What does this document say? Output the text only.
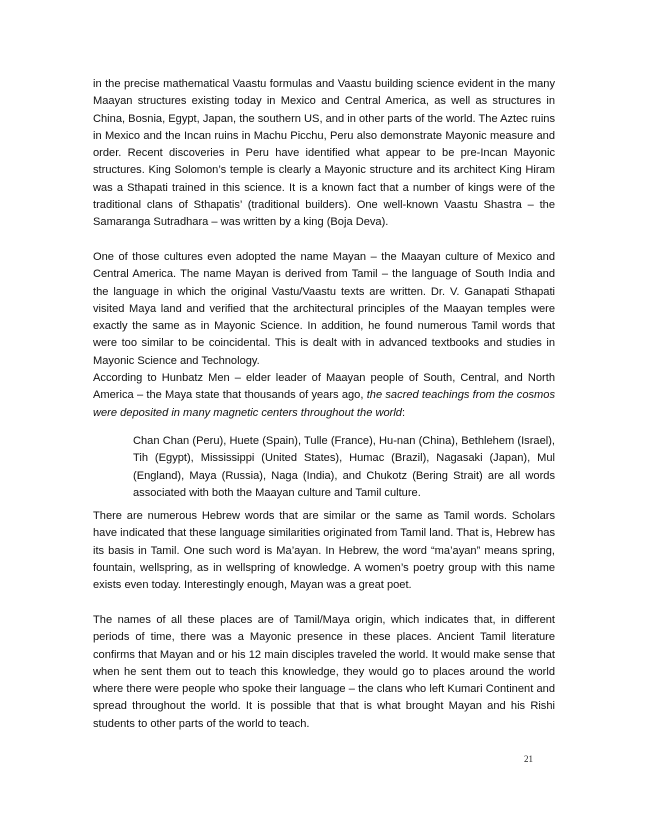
in the precise mathematical Vaastu formulas and Vaastu building science evident in the many Maayan structures existing today in Mexico and Central America, as well as structures in China, Bosnia, Egypt, Japan, the southern US, and in other parts of the world. The Aztec ruins in Mexico and the Incan ruins in Machu Picchu, Peru also demonstrate Mayonic measure and order. Recent discoveries in Peru have identified what appear to be pre-Incan Mayonic structures. King Solomon’s temple is clearly a Mayonic structure and its architect King Hiram was a Sthapati trained in this science. It is a known fact that a number of kings were of the traditional clans of Sthapatis’ (traditional builders). One well-known Vaastu Shastra – the Samaranga Sutradhara – was written by a king (Boja Deva).

One of those cultures even adopted the name Mayan – the Maayan culture of Mexico and Central America. The name Mayan is derived from Tamil – the language of South India and the language in which the original Vastu/Vaastu texts are written. Dr. V. Ganapati Sthapati visited Maya land and verified that the architectural principles of the Maayan temples were exactly the same as in Mayonic Science. In addition, he found numerous Tamil words that were too similar to be coincidental. This is dealt with in advanced textbooks and studies in Mayonic Science and Technology.

According to Hunbatz Men – elder leader of Maayan people of South, Central, and North America – the Maya state that thousands of years ago, the sacred teachings from the cosmos were deposited in many magnetic centers throughout the world:

Chan Chan (Peru), Huete (Spain), Tulle (France), Hu-nan (China), Bethlehem (Israel), Tih (Egypt), Mississippi (United States), Humac (Brazil), Nagasaki (Japan), Mul (England), Maya (Russia), Naga (India), and Chukotz (Bering Strait) are all words associated with both the Maayan culture and Tamil culture.

There are numerous Hebrew words that are similar or the same as Tamil words. Scholars have indicated that these language similarities originated from Tamil land. That is, Hebrew has its basis in Tamil. One such word is Ma’ayan. In Hebrew, the word “ma’ayan” means spring, fountain, wellspring, as in wellspring of knowledge. A women’s poetry group with this name exists even today. Interestingly enough, Mayan was a great poet.

The names of all these places are of Tamil/Maya origin, which indicates that, in different periods of time, there was a Mayonic presence in these places. Ancient Tamil literature confirms that Mayan and or his 12 main disciples traveled the world. It would make sense that when he sent them out to teach this knowledge, they would go to places around the world where there were people who spoke their language – the clans who left Kumari Continent and spread throughout the world. It is possible that that is what brought Mayan and his Rishi students to other parts of the world to teach.

21
